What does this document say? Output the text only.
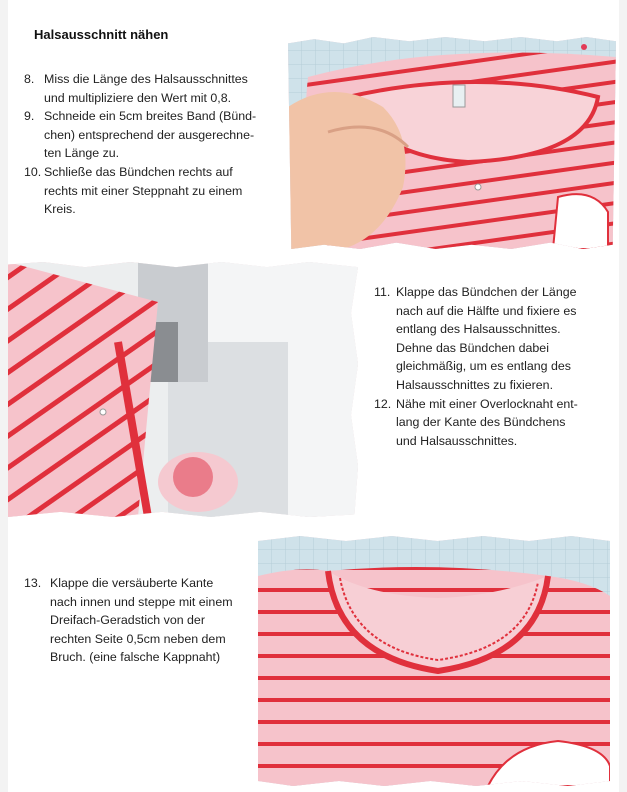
Halsausschnitt nähen
8. Miss die Länge des Halsausschnittes
und multipliziere den Wert mit 0,8.
9. Schneide ein 5cm breites Band (Bünd-
chen) entsprechend der ausgerechne-
ten Länge zu.
10. Schließe das Bündchen rechts auf
rechts mit einer Steppnaht zu einem
Kreis.
11. Klappe das Bündchen der Länge
nach auf die Hälfte und fixiere es
entlang des Halsausschnittes.
Dehne das Bündchen dabei
gleichmäßig, um es entlang des
Halsausschnittes zu fixieren.
12. Nähe mit einer Overlocknaht ent-
lang der Kante des Bündchens
und Halsausschnittes.
13. Klappe die versäuberte Kante
nach innen und steppe mit einem
Dreifach-Geradstich von der
rechten Seite 0,5cm neben dem
Bruch. (eine falsche Kappnaht)
